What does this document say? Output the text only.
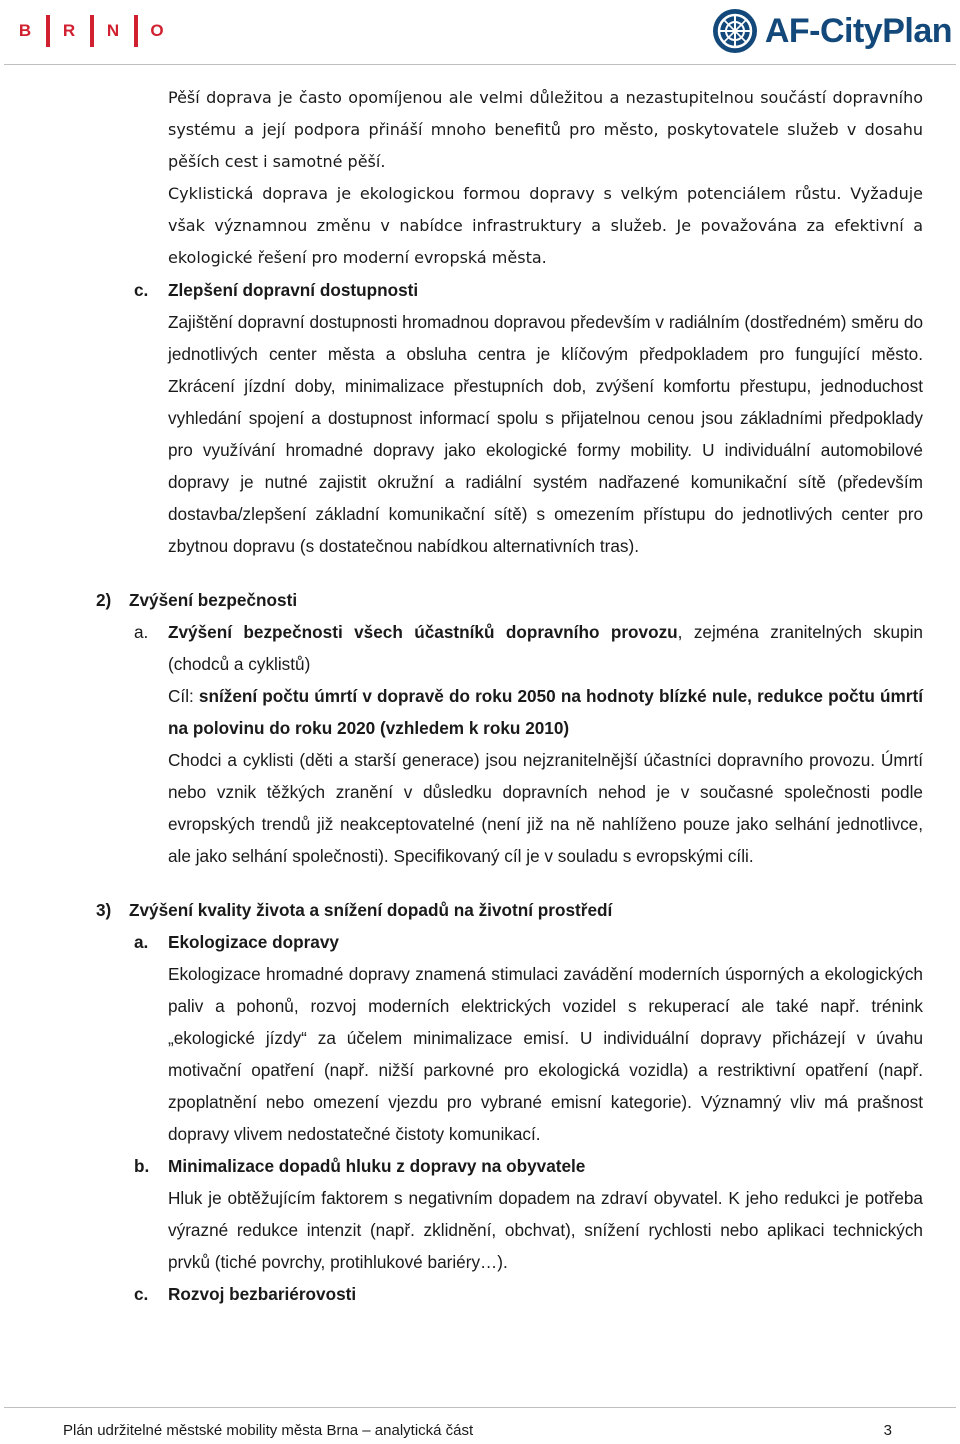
B R N O	AF-CityPlan
Pěší doprava je často opomíjenou ale velmi důležitou a nezastupitelnou součástí dopravního systému a její podpora přináší mnoho benefitů pro město, poskytovatele služeb v dosahu pěších cest i samotné pěší.
Cyklistická doprava je ekologickou formou dopravy s velkým potenciálem růstu. Vyžaduje však významnou změnu v nabídce infrastruktury a služeb. Je považována za efektivní a ekologické řešení pro moderní evropská města.
c. Zlepšení dopravní dostupnosti
Zajištění dopravní dostupnosti hromadnou dopravou především v radiálním (dostředném) směru do jednotlivých center města a obsluha centra je klíčovým předpokladem pro fungující město. Zkrácení jízdní doby, minimalizace přestupních dob, zvýšení komfortu přestupu, jednoduchost vyhledání spojení a dostupnost informací spolu s přijatelnou cenou jsou základními předpoklady pro využívání hromadné dopravy jako ekologické formy mobility. U individuální automobilové dopravy je nutné zajistit okružní a radiální systém nadřazené komunikační sítě (především dostavba/zlepšení základní komunikační sítě) s omezením přístupu do jednotlivých center pro zbytnou dopravu (s dostatečnou nabídkou alternativních tras).
2) Zvýšení bezpečnosti
a. Zvýšení bezpečnosti všech účastníků dopravního provozu, zejména zranitelných skupin (chodců a cyklistů)
Cíl: snížení počtu úmrtí v dopravě do roku 2050 na hodnoty blízké nule, redukce počtu úmrtí na polovinu do roku 2020 (vzhledem k roku 2010)
Chodci a cyklisti (děti a starší generace) jsou nejzranitelnější účastníci dopravního provozu. Úmrtí nebo vznik těžkých zranění v důsledku dopravních nehod je v současné společnosti podle evropských trendů již neakceptovatelné (není již na ně nahlíženo pouze jako selhání jednotlivce, ale jako selhání společnosti). Specifikovaný cíl je v souladu s evropskými cíli.
3) Zvýšení kvality života a snížení dopadů na životní prostředí
a. Ekologizace dopravy
Ekologizace hromadné dopravy znamená stimulaci zavádění moderních úsporných a ekologických paliv a pohonů, rozvoj moderních elektrických vozidel s rekuperací ale také např. trénink „ekologické jízdy“ za účelem minimalizace emisí. U individuální dopravy přicházejí v úvahu motivační opatření (např. nižší parkovné pro ekologická vozidla) a restriktivní opatření (např. zpoplatnění nebo omezení vjezdu pro vybrané emisní kategorie). Významný vliv má prašnost dopravy vlivem nedostatečné čistoty komunikací.
b. Minimalizace dopadů hluku z dopravy na obyvatele
Hluk je obtěžujícím faktorem s negativním dopadem na zdraví obyvatel. K jeho redukci je potřeba výrazné redukce intenzit (např. zklidnění, obchvat), snížení rychlosti nebo aplikaci technických prvků (tiché povrchy, protihlukové bariéry…).
c. Rozvoj bezbariérovosti
Plán udržitelné městské mobility města Brna – analytická část	3
